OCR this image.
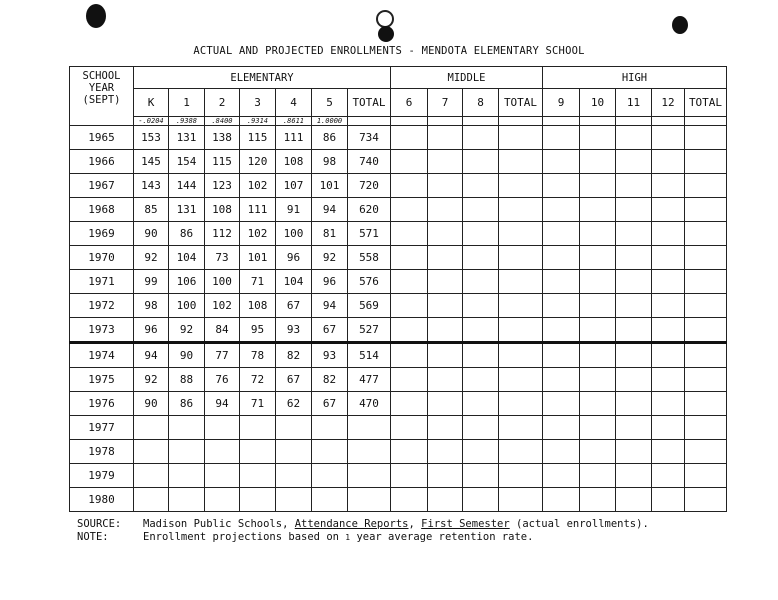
ACTUAL AND PROJECTED ENROLLMENTS - MENDOTA ELEMENTARY SCHOOL
SCHOOL
YEAR
(SEPT)	ELEMENTARY							MIDDLE				HIGH				
	K	1	2	3	4	5	TOTAL	6	7	8	TOTAL	9	10	11	12	TOTAL
	-.0204	.9388	.8400	.9314	.8611	1.0000										
1965	153	131	138	115	111	86	734									
1966	145	154	115	120	108	98	740									
1967	143	144	123	102	107	101	720									
1968	85	131	108	111	91	94	620									
1969	90	86	112	102	100	81	571									
1970	92	104	73	101	96	92	558									
1971	99	106	100	71	104	96	576									
1972	98	100	102	108	67	94	569									
1973	96	92	84	95	93	67	527									
1974	94	90	77	78	82	93	514									
1975	92	88	76	72	67	82	477									
1976	90	86	94	71	62	67	470									
1977																
1978																
1979																
1980																
SOURCE:	Madison Public Schools, Attendance Reports, First Semester (actual enrollments).
NOTE:	Enrollment projections based on 1 year average retention rate.
